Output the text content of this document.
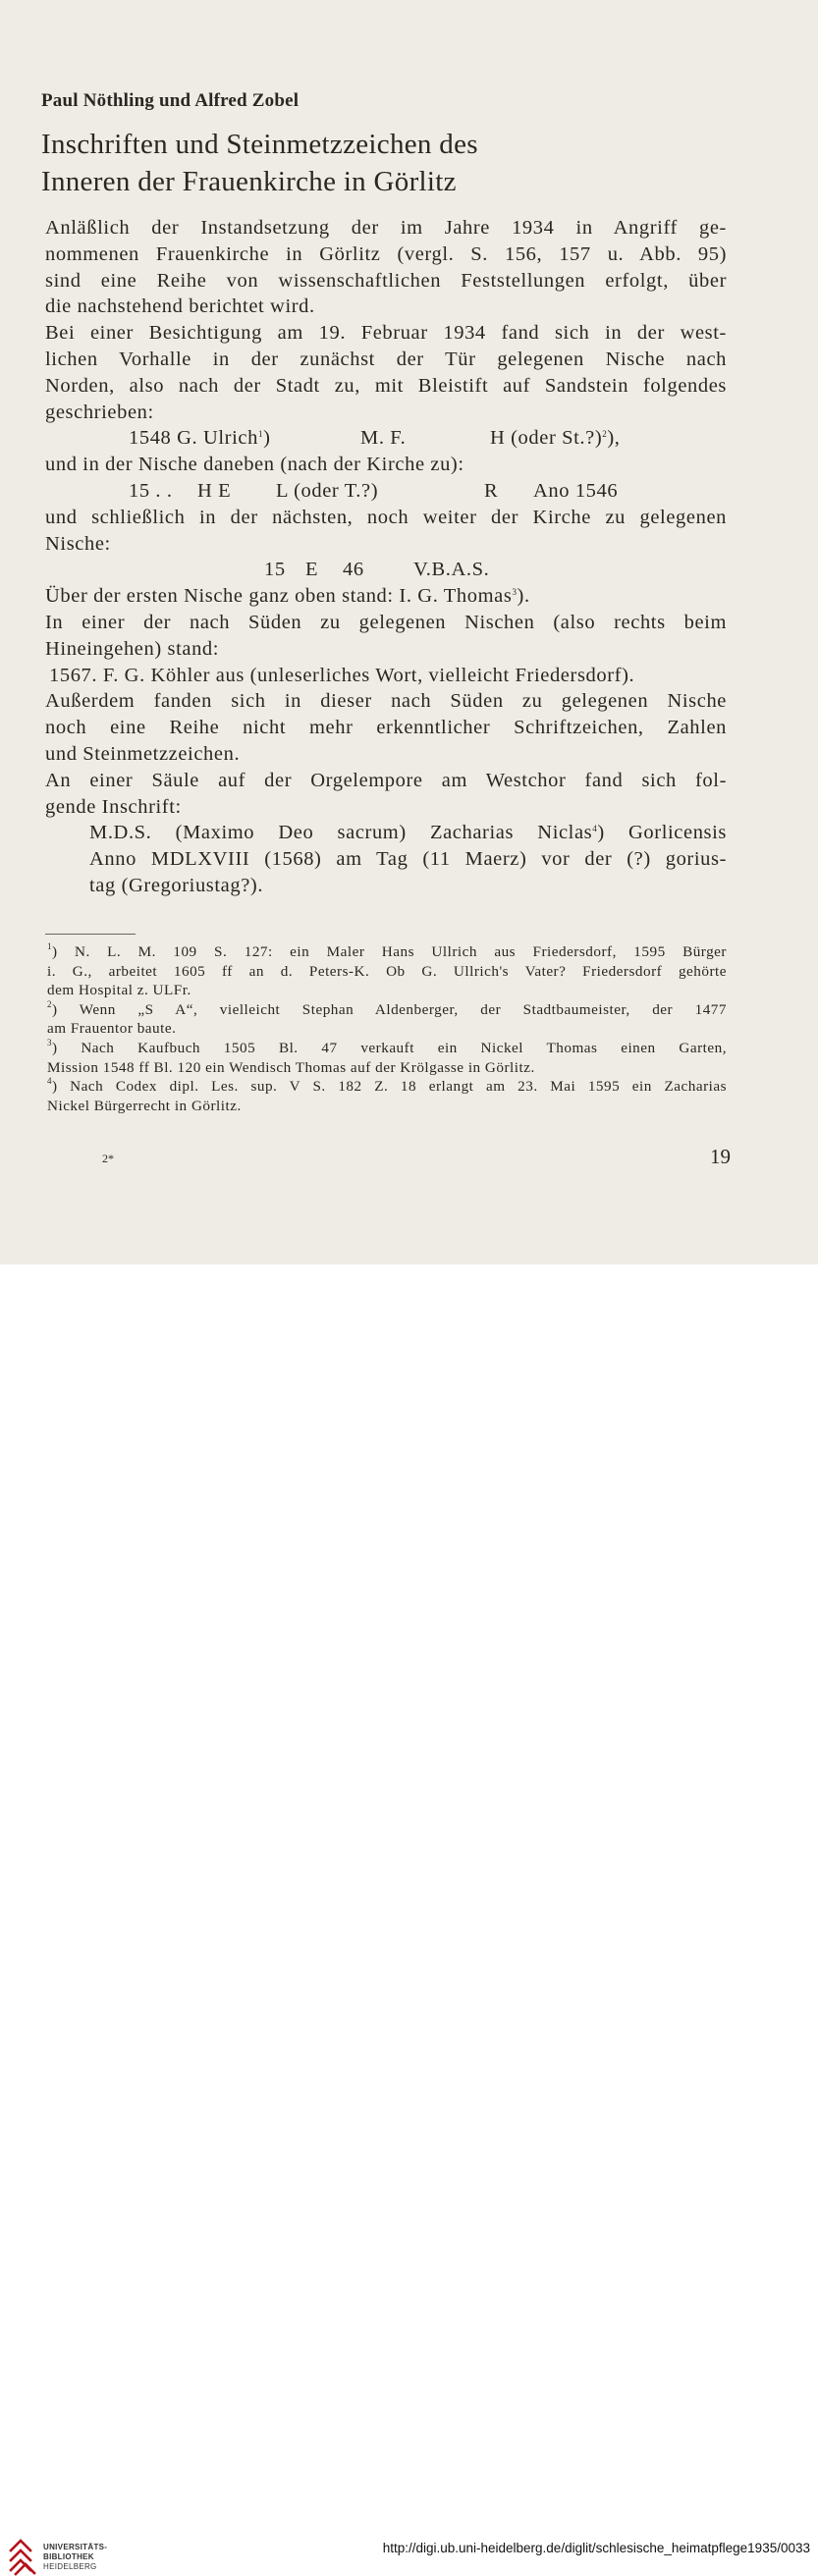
Paul Nöthling und Alfred Zobel
Inschriften und Steinmetzzeichen des
Inneren der Frauenkirche in Görlitz
Anläßlich der Instandsetzung der im Jahre 1934 in Angriff ge-
nommenen Frauenkirche in Görlitz (vergl. S. 156, 157 u. Abb. 95)
sind eine Reihe von wissenschaftlichen Feststellungen erfolgt, über
die nachstehend berichtet wird.
Bei einer Besichtigung am 19. Februar 1934 fand sich in der west-
lichen Vorhalle in der zunächst der Tür gelegenen Nische nach
Norden, also nach der Stadt zu, mit Bleistift auf Sandstein folgendes
geschrieben:
1548 G. Ulrich$^1$)	M. F.	H (oder St.?)$^2$),
und in der Nische daneben (nach der Kirche zu):
15 . . H E L (oder T.?)	R Ano 1546
und schließlich in der nächsten, noch weiter der Kirche zu gelegenen
Nische:
15 E 46 V.B.A.S.
Über der ersten Nische ganz oben stand: I. G. Thomas$^3$).
In einer der nach Süden zu gelegenen Nischen (also rechts beim
Hineingehen) stand:
1567. F. G. Köhler aus (unleserliches Wort, vielleicht Friedersdorf).
Außerdem fanden sich in dieser nach Süden zu gelegenen Nische
noch eine Reihe nicht mehr erkenntlicher Schriftzeichen, Zahlen
und Steinmetzzeichen.
An einer Säule auf der Orgelempore am Westchor fand sich fol-
gende Inschrift:
M.D.S. (Maximo Deo sacrum) Zacharias Niclas$^4$) Gorlicensis
Anno MDLXVIII (1568) am Tag (11 Maerz) vor der (?) gorius-
tag (Gregoriustag?).
$^1$) N. L. M. 109 S. 127: ein Maler Hans Ullrich aus Friedersdorf, 1595 Bürger
i. G., arbeitet 1605 ff an d. Peters-K. Ob G. Ullrich's Vater? Friedersdorf gehörte
dem Hospital z. ULFr.
$^2$) Wenn „S A“, vielleicht Stephan Aldenberger, der Stadtbaumeister, der 1477
am Frauentor baute.
$^3$) Nach Kaufbuch 1505 Bl. 47 verkauft ein Nickel Thomas einen Garten,
Mission 1548 ff Bl. 120 ein Wendisch Thomas auf der Krölgasse in Görlitz.
$^4$) Nach Codex dipl. Les. sup. V S. 182 Z. 18 erlangt am 23. Mai 1595 ein Zacharias
Nickel Bürgerrecht in Görlitz.
2*	19
UNIVERSITÄTS-
BIBLIOTHEK
HEIDELBERG
http://digi.ub.uni-heidelberg.de/diglit/schlesische_heimatpflege1935/0033
